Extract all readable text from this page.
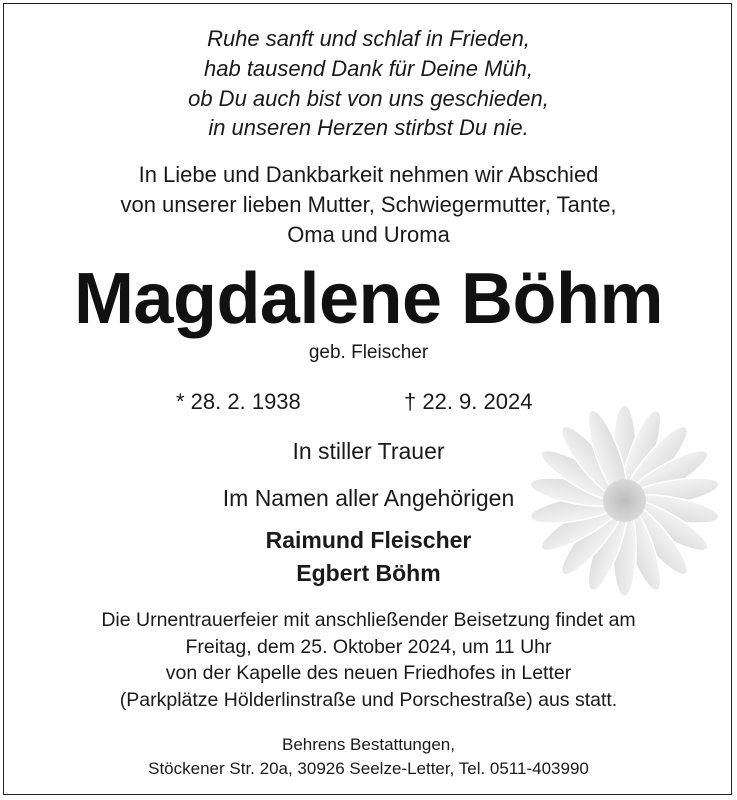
Ruhe sanft und schlaf in Frieden,
hab tausend Dank für Deine Müh,
ob Du auch bist von uns geschieden,
in unseren Herzen stirbst Du nie.
In Liebe und Dankbarkeit nehmen wir Abschied
von unserer lieben Mutter, Schwiegermutter, Tante,
Oma und Uroma
Magdalene Böhm
geb. Fleischer
* 28. 2. 1938	† 22. 9. 2024
In stiller Trauer
Im Namen aller Angehörigen
Raimund Fleischer
Egbert Böhm
Die Urnentrauerfeier mit anschließender Beisetzung findet am
Freitag, dem 25. Oktober 2024, um 11 Uhr
von der Kapelle des neuen Friedhofes in Letter
(Parkplätze Hölderlinstraße und Porschestraße) aus statt.
Behrens Bestattungen,
Stöckener Str. 20a, 30926 Seelze-Letter, Tel. 0511-403990
